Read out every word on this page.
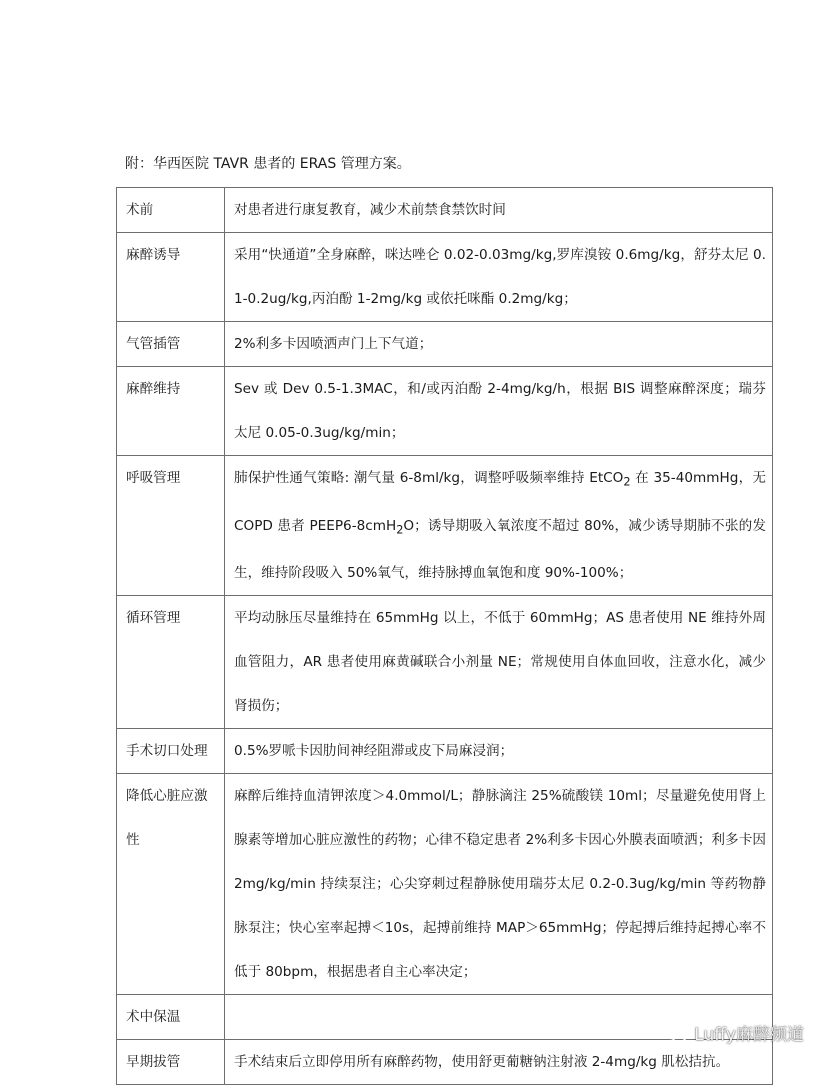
附：华西医院 TAVR 患者的 ERAS 管理方案。

术前	对患者进行康复教育，减少术前禁食禁饮时间
麻醉诱导	采用“快通道”全身麻醉，咪达唑仑 0.02-0.03mg/kg,罗库溴铵 0.6mg/kg，舒芬太尼 0.1-0.2ug/kg,丙泊酚 1-2mg/kg 或依托咪酯 0.2mg/kg；
气管插管	2%利多卡因喷洒声门上下气道；
麻醉维持	Sev 或 Dev 0.5-1.3MAC，和/或丙泊酚 2-4mg/kg/h，根据 BIS 调整麻醉深度；瑞芬太尼 0.05-0.3ug/kg/min；
呼吸管理	肺保护性通气策略: 潮气量 6-8ml/kg，调整呼吸频率维持 EtCO$_2$ 在 35-40mmHg，无 COPD 患者 PEEP6-8cmH$_2$O；诱导期吸入氧浓度不超过 80%，减少诱导期肺不张的发生，维持阶段吸入 50%氧气，维持脉搏血氧饱和度 90%-100%；
循环管理	平均动脉压尽量维持在 65mmHg 以上，不低于 60mmHg；AS 患者使用 NE 维持外周血管阻力，AR 患者使用麻黄碱联合小剂量 NE；常规使用自体血回收，注意水化，减少肾损伤；
手术切口处理	0.5%罗哌卡因肋间神经阻滞或皮下局麻浸润；
降低心脏应激性	麻醉后维持血清钾浓度＞4.0mmol/L；静脉滴注 25%硫酸镁 10ml；尽量避免使用肾上腺素等增加心脏应激性的药物；心律不稳定患者 2%利多卡因心外膜表面喷洒；利多卡因 2mg/kg/min 持续泵注；心尖穿刺过程静脉使用瑞芬太尼 0.2-0.3ug/kg/min 等药物静脉泵注；快心室率起搏＜10s，起搏前维持 MAP＞65mmHg；停起搏后维持起搏心率不低于 80bpm，根据患者自主心率决定；
术中保温	
早期拔管	手术结束后立即停用所有麻醉药物，使用舒更葡糖钠注射液 2-4mg/kg 肌松拮抗。
Luffy麻醉频道
